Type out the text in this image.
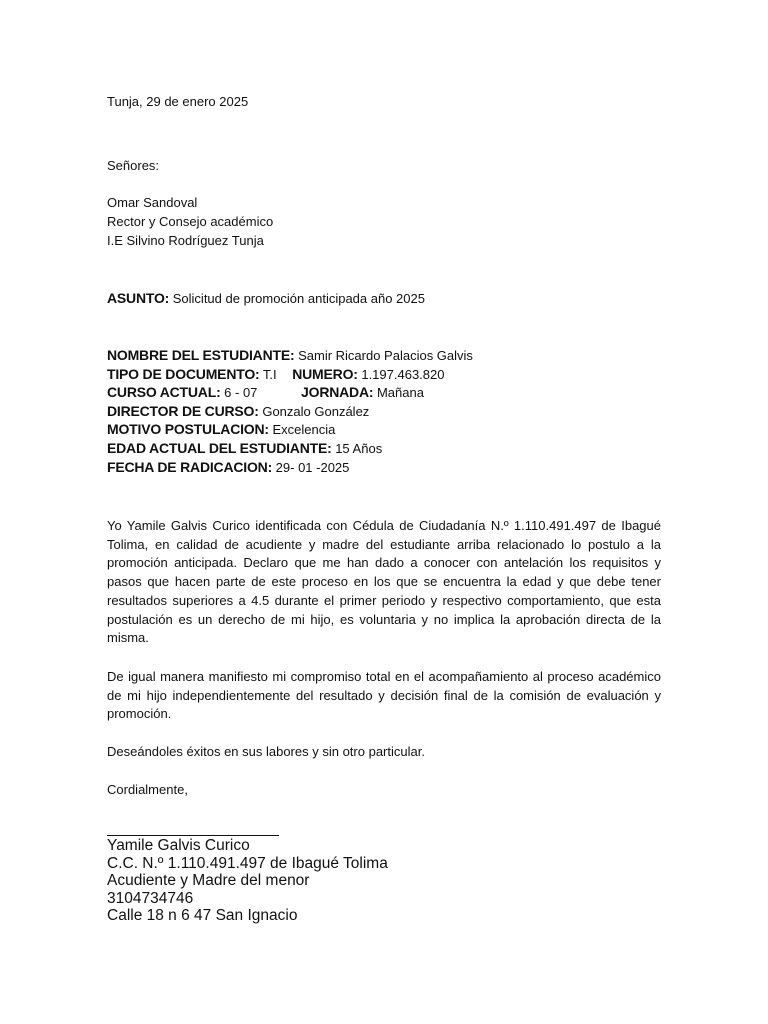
Tunja, 29 de enero 2025

Señores:

Omar Sandoval
Rector y Consejo académico
I.E Silvino Rodríguez Tunja

ASUNTO: Solicitud de promoción anticipada año 2025

NOMBRE DEL ESTUDIANTE: Samir Ricardo Palacios Galvis
TIPO DE DOCUMENTO: T.I NUMERO: 1.197.463.820
CURSO ACTUAL: 6 - 07	JORNADA: Mañana
DIRECTOR DE CURSO: Gonzalo González
MOTIVO POSTULACION: Excelencia
EDAD ACTUAL DEL ESTUDIANTE: 15 Años
FECHA DE RADICACION: 29- 01 -2025

Yo Yamile Galvis Curico identificada con Cédula de Ciudadanía N.º 1.110.491.497 de Ibagué Tolima, en calidad de acudiente y madre del estudiante arriba relacionado lo postulo a la promoción anticipada. Declaro que me han dado a conocer con antelación los requisitos y pasos que hacen parte de este proceso en los que se encuentra la edad y que debe tener resultados superiores a 4.5 durante el primer periodo y respectivo comportamiento, que esta postulación es un derecho de mi hijo, es voluntaria y no implica la aprobación directa de la misma.

De igual manera manifiesto mi compromiso total en el acompañamiento al proceso académico de mi hijo independientemente del resultado y decisión final de la comisión de evaluación y promoción.

Deseándoles éxitos en sus labores y sin otro particular.

Cordialmente,

Yamile Galvis Curico
C.C. N.º 1.110.491.497 de Ibagué Tolima
Acudiente y Madre del menor
3104734746
Calle 18 n 6 47 San Ignacio
